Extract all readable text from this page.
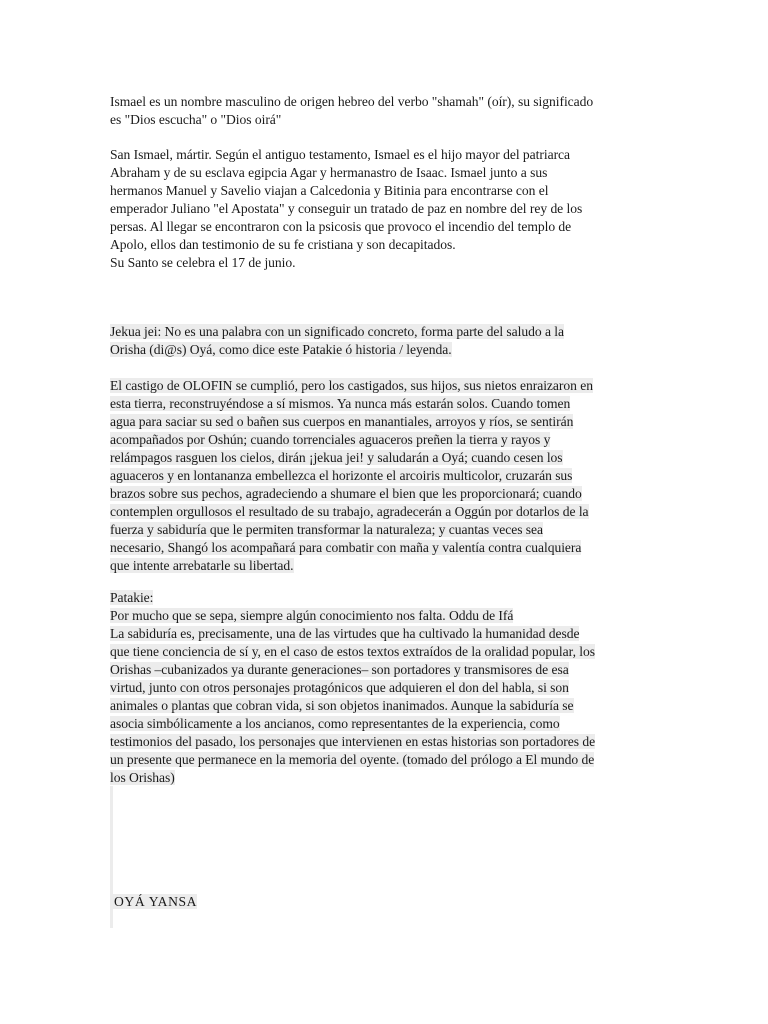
Ismael es un nombre masculino de origen hebreo del verbo "shamah" (oír), su significado
es "Dios escucha" o "Dios oirá"
San Ismael, mártir. Según el antiguo testamento, Ismael es el hijo mayor del patriarca
Abraham y de su esclava egipcia Agar y hermanastro de Isaac. Ismael junto a sus
hermanos Manuel y Savelio viajan a Calcedonia y Bitinia para encontrarse con el
emperador Juliano "el Apostata" y conseguir un tratado de paz en nombre del rey de los
persas. Al llegar se encontraron con la psicosis que provoco el incendio del templo de
Apolo, ellos dan testimonio de su fe cristiana y son decapitados.
Su Santo se celebra el 17 de junio.
Jekua jei: No es una palabra con un significado concreto, forma parte del saludo a la
Orisha (di@s) Oyá, como dice este Patakie ó historia / leyenda.
El castigo de OLOFIN se cumplió, pero los castigados, sus hijos, sus nietos enraizaron en
esta tierra, reconstruyéndose a sí mismos. Ya nunca más estarán solos. Cuando tomen
agua para saciar su sed o bañen sus cuerpos en manantiales, arroyos y ríos, se sentirán
acompañados por Oshún; cuando torrenciales aguaceros preñen la tierra y rayos y
relámpagos rasguen los cielos, dirán ¡jekua jei! y saludarán a Oyá; cuando cesen los
aguaceros y en lontananza embellezca el horizonte el arcoiris multicolor, cruzarán sus
brazos sobre sus pechos, agradeciendo a shumare el bien que les proporcionará; cuando
contemplen orgullosos el resultado de su trabajo, agradecerán a Oggún por dotarlos de la
fuerza y sabiduría que le permiten transformar la naturaleza; y cuantas veces sea
necesario, Shangó los acompañará para combatir con maña y valentía contra cualquiera
que intente arrebatarle su libertad.
Patakie:
Por mucho que se sepa, siempre algún conocimiento nos falta. Oddu de Ifá
La sabiduría es, precisamente, una de las virtudes que ha cultivado la humanidad desde
que tiene conciencia de sí y, en el caso de estos textos extraídos de la oralidad popular, los
Orishas –cubanizados ya durante generaciones– son portadores y transmisores de esa
virtud, junto con otros personajes protagónicos que adquieren el don del habla, si son
animales o plantas que cobran vida, si son objetos inanimados. Aunque la sabiduría se
asocia simbólicamente a los ancianos, como representantes de la experiencia, como
testimonios del pasado, los personajes que intervienen en estas historias son portadores de
un presente que permanece en la memoria del oyente. (tomado del prólogo a El mundo de
los Orishas)
OYÁ YANSA
